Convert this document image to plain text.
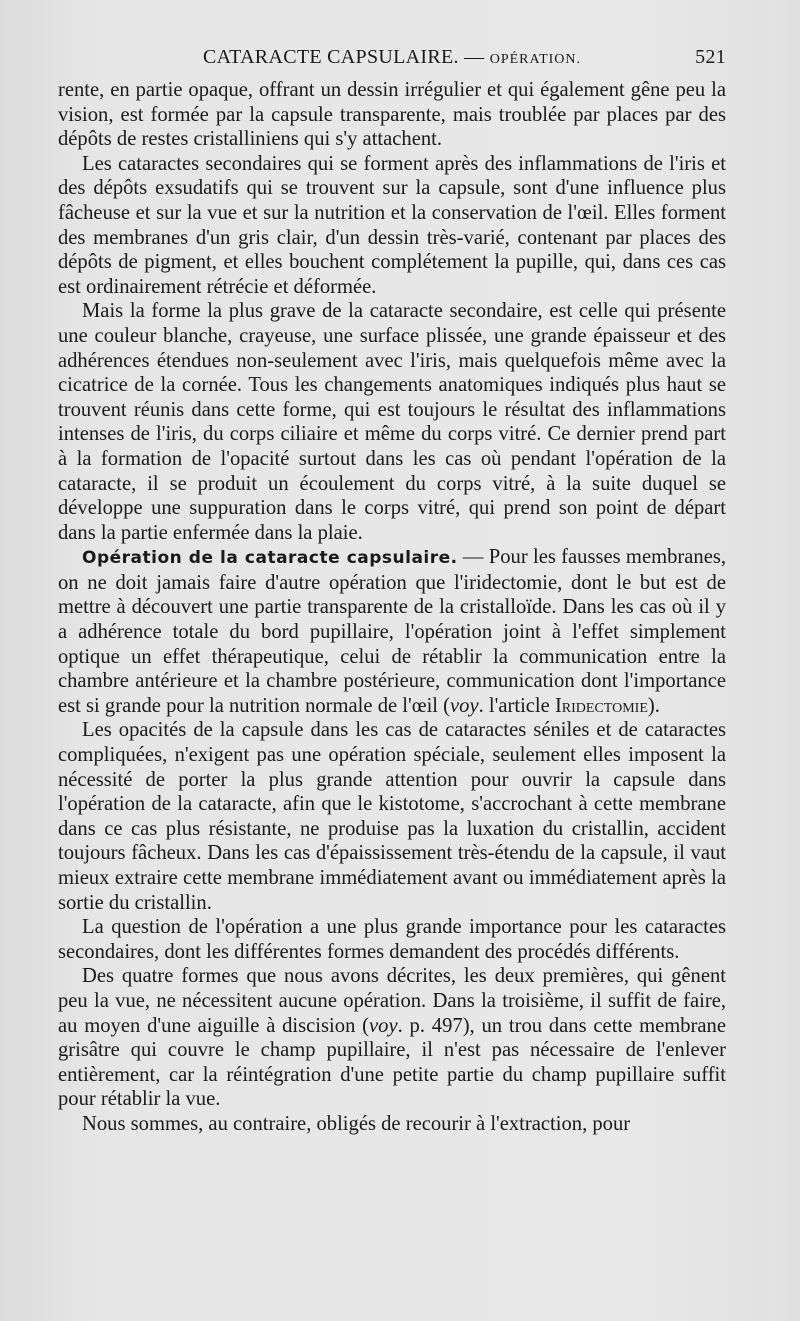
CATARACTE CAPSULAIRE. — OPÉRATION.	521

rente, en partie opaque, offrant un dessin irrégulier et qui également gêne peu la vision, est formée par la capsule transparente, mais troublée par places par des dépôts de restes cristalliniens qui s'y attachent.

Les cataractes secondaires qui se forment après des inflammations de l'iris et des dépôts exsudatifs qui se trouvent sur la capsule, sont d'une influence plus fâcheuse et sur la vue et sur la nutrition et la conservation de l'œil. Elles forment des membranes d'un gris clair, d'un dessin très-varié, contenant par places des dépôts de pigment, et elles bouchent complétement la pupille, qui, dans ces cas est ordinairement rétrécie et déformée.

Mais la forme la plus grave de la cataracte secondaire, est celle qui présente une couleur blanche, crayeuse, une surface plissée, une grande épaisseur et des adhérences étendues non-seulement avec l'iris, mais quelquefois même avec la cicatrice de la cornée. Tous les changements anatomiques indiqués plus haut se trouvent réunis dans cette forme, qui est toujours le résultat des inflammations intenses de l'iris, du corps ciliaire et même du corps vitré. Ce dernier prend part à la formation de l'opacité surtout dans les cas où pendant l'opération de la cataracte, il se produit un écoulement du corps vitré, à la suite duquel se développe une suppuration dans le corps vitré, qui prend son point de départ dans la partie enfermée dans la plaie.

Opération de la cataracte capsulaire. — Pour les fausses membranes, on ne doit jamais faire d'autre opération que l'iridectomie, dont le but est de mettre à découvert une partie transparente de la cristalloïde. Dans les cas où il y a adhérence totale du bord pupillaire, l'opération joint à l'effet simplement optique un effet thérapeutique, celui de rétablir la communication entre la chambre antérieure et la chambre postérieure, communication dont l'importance est si grande pour la nutrition normale de l'œil (voy. l'article Iridectomie).

Les opacités de la capsule dans les cas de cataractes séniles et de cataractes compliquées, n'exigent pas une opération spéciale, seulement elles imposent la nécessité de porter la plus grande attention pour ouvrir la capsule dans l'opération de la cataracte, afin que le kistotome, s'accrochant à cette membrane dans ce cas plus résistante, ne produise pas la luxation du cristallin, accident toujours fâcheux. Dans les cas d'épaississement très-étendu de la capsule, il vaut mieux extraire cette membrane immédiatement avant ou immédiatement après la sortie du cristallin.

La question de l'opération a une plus grande importance pour les cataractes secondaires, dont les différentes formes demandent des procédés différents.

Des quatre formes que nous avons décrites, les deux premières, qui gênent peu la vue, ne nécessitent aucune opération. Dans la troisième, il suffit de faire, au moyen d'une aiguille à discision (voy. p. 497), un trou dans cette membrane grisâtre qui couvre le champ pupillaire, il n'est pas nécessaire de l'enlever entièrement, car la réintégration d'une petite partie du champ pupillaire suffit pour rétablir la vue.

Nous sommes, au contraire, obligés de recourir à l'extraction, pour
